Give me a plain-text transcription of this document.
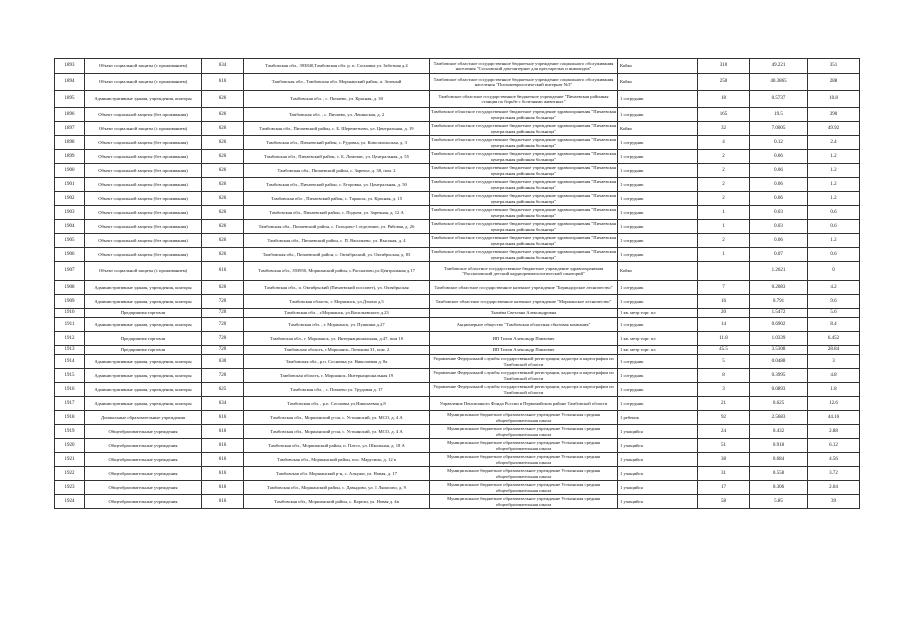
1893	Объект социальной защиты (с проживанием)	634	Тамбовская обл., 393840,Тамбовская обл. р. п. Сосновка ул. Заботная д.4	Тамбовское областное государственное бюджетное учреждение социального обслуживания населения "Сосновский дом-интернат для престарелых и инвалидов"	Койко	310	49.221	351
1894	Объект социальной защиты (с проживанием)	616	Тамбовская обл., Тамбовская обл. Моршанский район, п. Зеленый	Тамбовское областное государственное бюджетное учреждение социального обслуживания населения "Психоневрологический интернат №3"	Койко	250	40.3865	288
1895	Административные здания, учреждения, конторы	626	Тамбовская обл. , с. Пичаево, ул. Красная, д. 30	Тамбовское областное государственное бюджетное учреждение "Пичаевская районная станция по борьбе с болезнями животных"	1 сотрудник	18	0.5737	10.8
1896	Объект социальной защиты (без проживания)	626	Тамбовская обл. , с. Пичаево, ул. Ленинская, д. 2	Тамбовское областное государственное бюджетное учреждение здравоохранения "Пичаевская центральная районная больница"	1 сотрудник	165	19.5	390
1897	Объект социальной защиты (с проживанием)	626	Тамбовская обл., Пичаевский район, с. Б. Шереметьево, ул. Центральная, д. 19	Тамбовское областное государственное бюджетное учреждение здравоохранения "Пичаевская центральная районная больница"	Койко	32	7.0005	49.92
1898	Объект социальной защиты (без проживания)	626	Тамбовская обл., Пичаевский район, с. Рудовка, ул. Комсомольская, д. 3	Тамбовское областное государственное бюджетное учреждение здравоохранения "Пичаевская центральная районная больница"	1 сотрудник	4	0.12	2.4
1899	Объект социальной защиты (без проживания)	626	Тамбовская обл., Пичаевский район, с. Б. Ломовис, ул. Центральная, д. 55	Тамбовское областное государственное бюджетное учреждение здравоохранения "Пичаевская центральная районная больница"	1 сотрудник	2	0.06	1.2
1900	Объект социальной защиты (без проживания)	626	Тамбовская обл., Пичаевский район, с. Заречье, д. 38, пом. 2	Тамбовское областное государственное бюджетное учреждение здравоохранения "Пичаевская центральная районная больница"	1 сотрудник	2	0.06	1.2
1901	Объект социальной защиты (без проживания)	626	Тамбовская обл., Пичаевский район, с. Егоровка, ул. Центральная, д. 50	Тамбовское областное государственное бюджетное учреждение здравоохранения "Пичаевская центральная районная больница"	1 сотрудник	2	0.06	1.2
1902	Объект социальной защиты (без проживания)	626	Тамбовская обл. , Пичаевский район, с. Тараксы, ул. Красная, д. 15	Тамбовское областное государственное бюджетное учреждение здравоохранения "Пичаевская центральная районная больница"	1 сотрудник	2	0.06	1.2
1903	Объект социальной защиты (без проживания)	626	Тамбовская обл., Пичаевский район, с. Подъем, ул. Заречная, д. 12 А	Тамбовское областное государственное бюджетное учреждение здравоохранения "Пичаевская центральная районная больница"	1 сотрудник	1	0.03	0.6
1904	Объект социальной защиты (без проживания)	626	Тамбовская обл., Пичаевский район, с. Гольцово-1 отделение, ул. Рябовая, д. 26	Тамбовское областное государственное бюджетное учреждение здравоохранения "Пичаевская центральная районная больница"	1 сотрудник	1	0.03	0.6
1905	Объект социальной защиты (без проживания)	626	Тамбовская обл., Пичаевский район, с. П. Васильево, ул. Высокая, д. 4	Тамбовское областное государственное бюджетное учреждение здравоохранения "Пичаевская центральная районная больница"	1 сотрудник	2	0.06	1.2
1906	Объект социальной защиты (без проживания)	626	Тамбовская обл., Пичаевский район, с. Октябрьский, ул. Октябрьская, д. 83	Тамбовское областное государственное бюджетное учреждение здравоохранения "Пичаевская центральная районная больница"	1 сотрудник	1	0.07	0.6
1907	Объект социальной защиты (с проживанием)	616	Тамбовская обл., 393950, Моршанский район, с.Рассказово,ул.Центральная д.17	Тамбовское областное государственное бюджетное учреждение здравоохранения "Рассказовский детский кардиоревматологический санаторий"	Койко		1.2621	0
1908	Административные здания, учреждения, конторы	626	Тамбовская обл., п. Октябрьский (Пичаевский поссовет), ул. Октябрьская	Тамбовское областное государственное казенное учреждение "Бериндорское лесничество"	1 сотрудник	7	0.2083	4.2
1909	Административные здания, учреждения, конторы	720	Тамбовская область, г. Моршанск, ул.Дзхона д.5	Тамбовское областное государственное казенное учреждение "Моршанское лесничество"	1 сотрудник	16	0.791	9.6
1910	Предприятия торговли	720	Тамбовская обл. , г.Моршанск, ул.Васильевского д.23	Ткачёва Светлана Александровна	1 кв. метр торг. пл	20	1.5472	5.6
1911	Административные здания, учреждения, конторы	720	Тамбовская обл. , г. Моршанск, ул. Пушкина д.27	Акционерное общество "Тамбовская областная сбытовая компания"	1 сотрудник	14	0.6902	8.4
1912	Предприятия торговли	720	Тамбовская обл., г. Моршанск, ул. Интернациональная, д.47, пом 10	ИП Тихов Александр Павлович	1 кв. метр торг. пл	11.8	1.0339	6.452
1913	Предприятия торговли	720	Тамбовская область, г.Моршанск, Лотикова 31, пом. 2	ИП Тихов Александр Павлович	1 кв. метр торг. пл	45.5	3.5308	28.84
1914	Административные здания, учреждения, конторы	630	Тамбовская обл., р.п. Сосновка ул. Николаевая д. 8а	Управление Федеральной службы государственной регистрации, кадастра и картографии по Тамбовской области	1 сотрудник	5	0.0488	3
1915	Административные здания, учреждения, конторы	720	Тамбовская область, г. Моршанск, Интернациональная 19	Управление Федеральной службы государственной регистрации, кадастра и картографии по Тамбовской области	1 сотрудник	8	0.3995	4.8
1916	Административные здания, учреждения, конторы	625	Тамбовская обл. , с. Пичаево ул. Трудовая д. 17	Управление Федеральной службы государственной регистрации, кадастра и картографии по Тамбовской области	1 сотрудник	3	0.0893	1.8
1917	Административные здания, учреждения, конторы	634	Тамбовская обл. , р.п. Сосновка ул.Николаевая д.8	Управление Пенсионного Фонда России в Первомайском районе Тамбовской области	1 сотрудник	21	0.625	12.6
1918	Дошкольные образовательные учреждения	616	Тамбовская обл., Моршанский р-он, с. Устьинский, ул. МСО, д. 4 А	Муниципальное бюджетное образовательное учреждение Устьинская средняя общеобразовательная школа	1 ребенок	92	2.5683	44.16
1919	Общеобразовательные учреждения	616	Тамбовская обл., Моршанский р-он, с. Устьинский, ул. МСО, д. 4 А	Муниципальное бюджетное образовательное учреждение Устьинская средняя общеобразовательная школа	1 учащийся	24	0.432	2.88
1920	Общеобразовательные учреждения	616	Тамбовская обл., Моршанский район, п. Плесо, ул. Школьная, д. 18 А	Муниципальное бюджетное образовательное учреждение Устьинская средняя общеобразовательная школа	1 учащийся	51	0.918	6.12
1921	Общеобразовательные учреждения	616	Тамбовская обл., Моршанский район, пос. Марусино, д. 12 в	Муниципальное бюджетное образовательное учреждение Устьинская средняя общеобразовательная школа	1 учащийся	38	0.684	4.56
1922	Общеобразовательные учреждения	616	Тамбовская обл. Моршанский р-н, с. Алкужи, ул. Новая, д. 17	Муниципальное бюджетное образовательное учреждение Устьинская средняя общеобразовательная школа	1 учащийся	31	0.558	3.72
1923	Общеобразовательные учреждения	616	Тамбовская обл., Моршанский район, с. Давыдово, ул. 1 Ляпасово, д. 9	Муниципальное бюджетное образовательное учреждение Устьинская средняя общеобразовательная школа	1 учащийся	17	0.306	2.04
1924	Общеобразовательные учреждения	616	Тамбовская обл., Моршанский район, с. Карели, ул. Новая д. 4в	Муниципальное бюджетное образовательное учреждение Устьинская средняя общеобразовательная школа	1 учащийся	58	5.85	39
